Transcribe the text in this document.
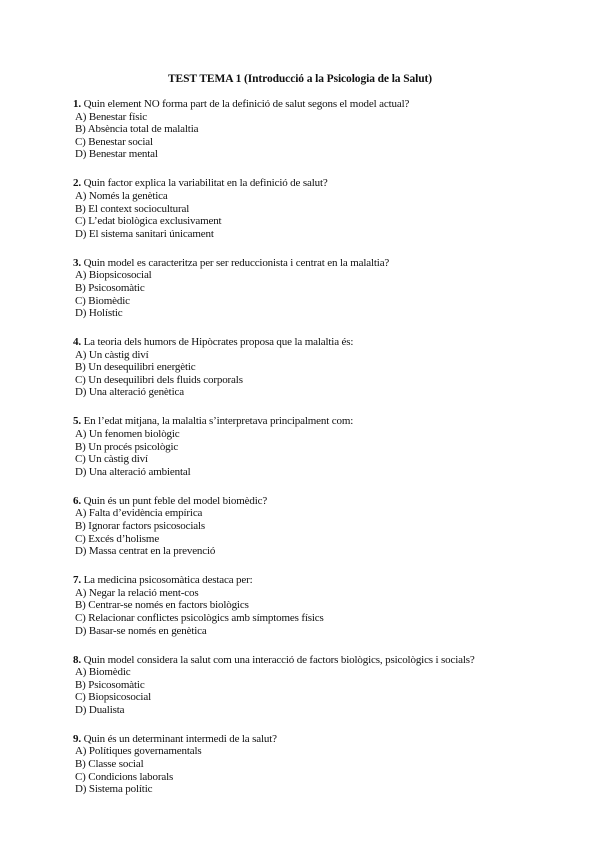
TEST TEMA 1 (Introducció a la Psicologia de la Salut)
1. Quin element NO forma part de la definició de salut segons el model actual?
A) Benestar físic
B) Absència total de malaltia
C) Benestar social
D) Benestar mental
2. Quin factor explica la variabilitat en la definició de salut?
A) Només la genètica
B) El context sociocultural
C) L’edat biològica exclusivament
D) El sistema sanitari únicament
3. Quin model es caracteritza per ser reduccionista i centrat en la malaltia?
A) Biopsicosocial
B) Psicosomàtic
C) Biomèdic
D) Holístic
4. La teoria dels humors de Hipòcrates proposa que la malaltia és:
A) Un càstig diví
B) Un desequilibri energètic
C) Un desequilibri dels fluids corporals
D) Una alteració genètica
5. En l’edat mitjana, la malaltia s’interpretava principalment com:
A) Un fenomen biològic
B) Un procés psicològic
C) Un càstig diví
D) Una alteració ambiental
6. Quin és un punt feble del model biomèdic?
A) Falta d’evidència empírica
B) Ignorar factors psicosocials
C) Excés d’holisme
D) Massa centrat en la prevenció
7. La medicina psicosomàtica destaca per:
A) Negar la relació ment-cos
B) Centrar-se només en factors biològics
C) Relacionar conflictes psicològics amb símptomes físics
D) Basar-se només en genètica
8. Quin model considera la salut com una interacció de factors biològics, psicològics i socials?
A) Biomèdic
B) Psicosomàtic
C) Biopsicosocial
D) Dualista
9. Quin és un determinant intermedi de la salut?
A) Polítiques governamentals
B) Classe social
C) Condicions laborals
D) Sistema polític
